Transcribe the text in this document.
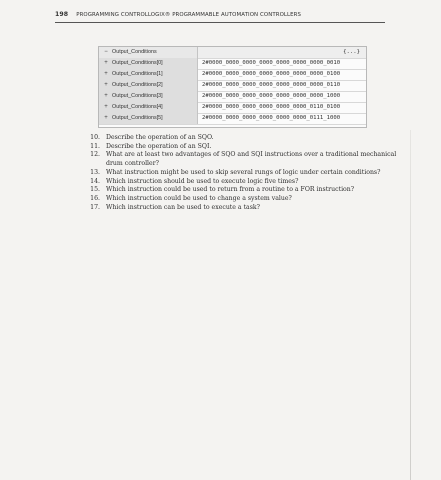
198 PROGRAMMING CONTROLLOGIX® PROGRAMMABLE AUTOMATION CONTROLLERS
− Output_Conditions	{...}
+ Output_Conditions[0]	2#0000_0000_0000_0000_0000_0000_0000_0010
+ Output_Conditions[1]	2#0000_0000_0000_0000_0000_0000_0000_0100
+ Output_Conditions[2]	2#0000_0000_0000_0000_0000_0000_0000_0110
+ Output_Conditions[3]	2#0000_0000_0000_0000_0000_0000_0000_1000
+ Output_Conditions[4]	2#0000_0000_0000_0000_0000_0000_0110_0100
+ Output_Conditions[5]	2#0000_0000_0000_0000_0000_0000_0111_1000

10. Describe the operation of an SQO.

11. Describe the operation of an SQI.

12. What are at least two advantages of SQO and SQI instructions over a traditional mechanical drum controller?

13. What instruction might be used to skip several rungs of logic under certain conditions?

14. Which instruction should be used to execute logic five times?

15. Which instruction could be used to return from a routine to a FOR instruction?

16. Which instruction could be used to change a system value?

17. Which instruction can be used to execute a task?
